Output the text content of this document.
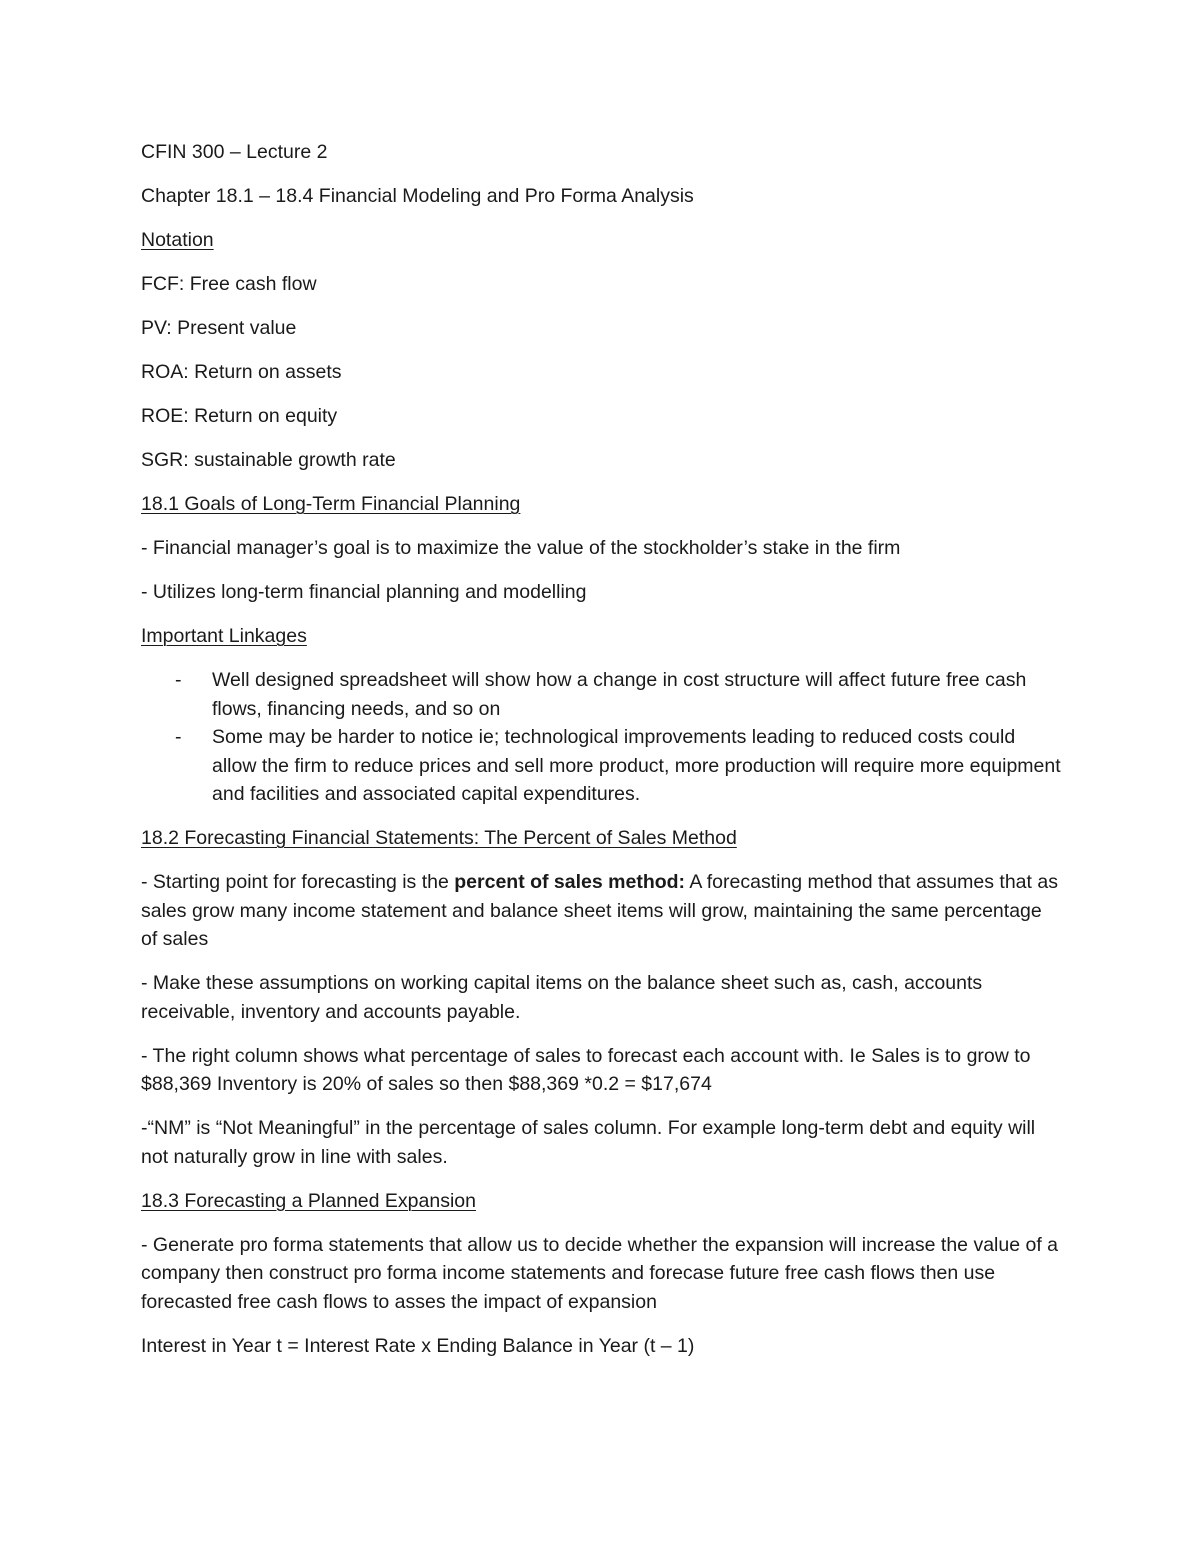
CFIN 300 – Lecture 2

Chapter 18.1 – 18.4 Financial Modeling and Pro Forma Analysis

Notation

FCF: Free cash flow

PV: Present value

ROA: Return on assets

ROE: Return on equity

SGR: sustainable growth rate

18.1 Goals of Long-Term Financial Planning

- Financial manager’s goal is to maximize the value of the stockholder’s stake in the firm

- Utilizes long-term financial planning and modelling

Important Linkages

- Well designed spreadsheet will show how a change in cost structure will affect future free cash flows, financing needs, and so on
- Some may be harder to notice ie; technological improvements leading to reduced costs could allow the firm to reduce prices and sell more product, more production will require more equipment and facilities and associated capital expenditures.

18.2 Forecasting Financial Statements: The Percent of Sales Method

- Starting point for forecasting is the percent of sales method: A forecasting method that assumes that as sales grow many income statement and balance sheet items will grow, maintaining the same percentage of sales

- Make these assumptions on working capital items on the balance sheet such as, cash, accounts receivable, inventory and accounts payable.

- The right column shows what percentage of sales to forecast each account with. Ie Sales is to grow to $88,369 Inventory is 20% of sales so then $88,369 *0.2 = $17,674

-“NM” is “Not Meaningful” in the percentage of sales column. For example long-term debt and equity will not naturally grow in line with sales.

18.3 Forecasting a Planned Expansion

- Generate pro forma statements that allow us to decide whether the expansion will increase the value of a company then construct pro forma income statements and forecase future free cash flows then use forecasted free cash flows to asses the impact of expansion

Interest in Year t = Interest Rate x Ending Balance in Year (t – 1)
